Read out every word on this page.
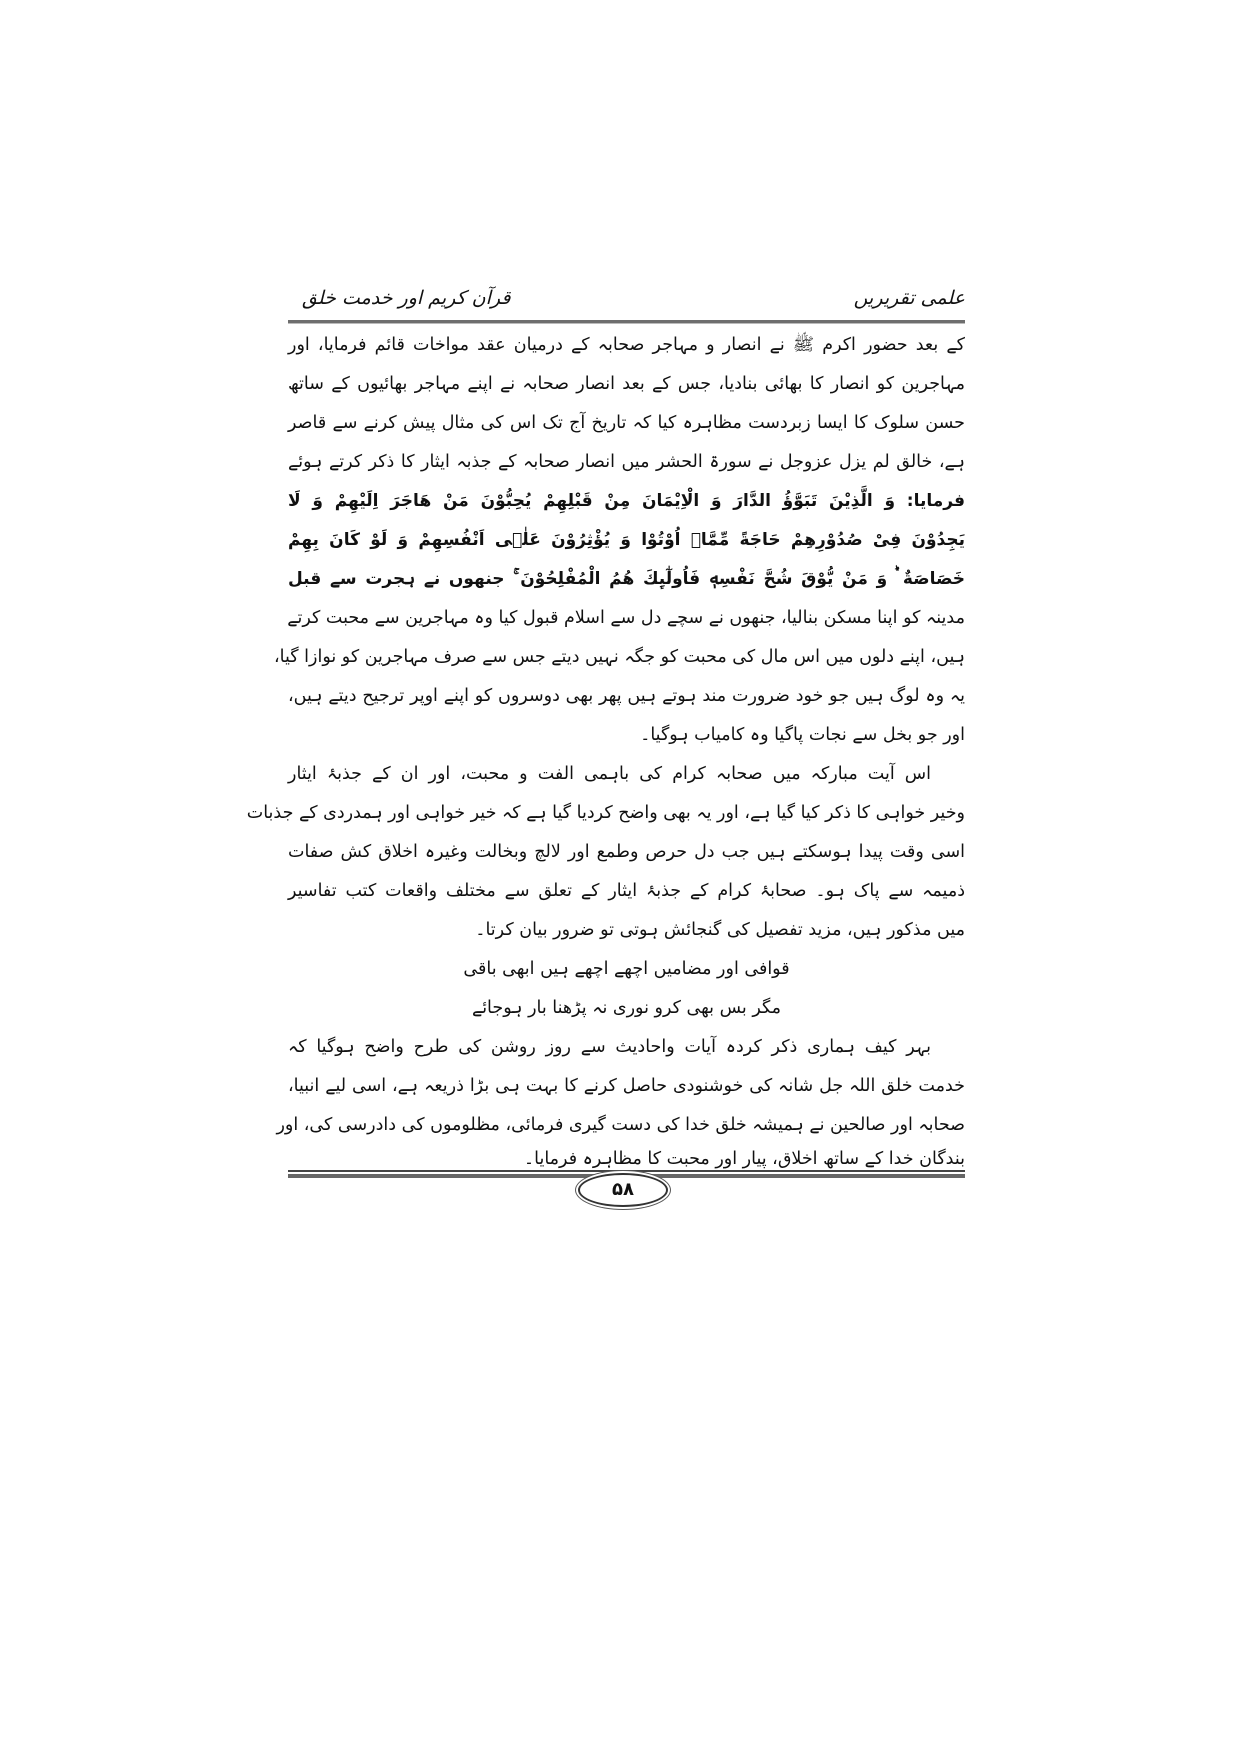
علمی تقریریں
قرآن کریم اور خدمت خلق
کے بعد حضور اکرم ﷺ نے انصار و مہاجر صحابہ کے درمیان عقد مواخات قائم فرمایا، اور
مہاجرین کو انصار کا بھائی بنادیا، جس کے بعد انصار صحابہ نے اپنے مہاجر بھائیوں کے ساتھ
حسن سلوک کا ایسا زبردست مظاہرہ کیا کہ تاریخ آج تک اس کی مثال پیش کرنے سے قاصر
ہے، خالق لم یزل عزوجل نے سورۃ الحشر میں انصار صحابہ کے جذبہ ایثار کا ذکر کرتے ہوئے
فرمایا: وَ الَّذِیْنَ تَبَوَّؤُ الدَّارَ وَ الْاِیْمَانَ مِنْ قَبْلِهِمْ یُحِبُّوْنَ مَنْ هَاجَرَ اِلَیْهِمْ وَ لَا
یَجِدُوْنَ فِیْ صُدُوْرِهِمْ حَاجَةً مِّمَّاۤ اُوْتُوْا وَ یُؤْثِرُوْنَ عَلٰۤی اَنْفُسِهِمْ وَ لَوْ كَانَ بِهِمْ
خَصَاصَةٌ ۛؕ وَ مَنْ یُّوْقَ شُحَّ نَفْسِهٖ فَاُولٰٓىِٕكَ هُمُ الْمُفْلِحُوْنَ ۚ جنھوں نے ہجرت سے قبل
مدینہ کو اپنا مسکن بنالیا، جنھوں نے سچے دل سے اسلام قبول کیا وہ مہاجرین سے محبت کرتے
ہیں، اپنے دلوں میں اس مال کی محبت کو جگہ نہیں دیتے جس سے صرف مہاجرین کو نوازا گیا،
یہ وہ لوگ ہیں جو خود ضرورت مند ہوتے ہیں پھر بھی دوسروں کو اپنے اوپر ترجیح دیتے ہیں،
اور جو بخل سے نجات پاگیا وہ کامیاب ہوگیا۔
اس آیت مبارکہ میں صحابہ کرام کی باہمی الفت و محبت، اور ان کے جذبۂ ایثار
وخیر خواہی کا ذکر کیا گیا ہے، اور یہ بھی واضح کردیا گیا ہے کہ خیر خواہی اور ہمدردی کے جذبات
اسی وقت پیدا ہوسکتے ہیں جب دل حرص وطمع اور لالچ وبخالت وغیرہ اخلاق کش صفات
ذمیمہ سے پاک ہو۔ صحابۂ کرام کے جذبۂ ایثار کے تعلق سے مختلف واقعات کتب تفاسیر
میں مذکور ہیں، مزید تفصیل کی گنجائش ہوتی تو ضرور بیان کرتا۔
قوافی اور مضامیں اچھے اچھے ہیں ابھی باقی
مگر بس بھی کرو نوری نہ پڑھنا بار ہوجائے
بہر کیف ہماری ذکر کردہ آیات واحادیث سے روز روشن کی طرح واضح ہوگیا کہ
خدمت خلق اللہ جل شانہ کی خوشنودی حاصل کرنے کا بہت ہی بڑا ذریعہ ہے، اسی لیے انبیا،
صحابہ اور صالحین نے ہمیشہ خلق خدا کی دست گیری فرمائی، مظلوموں کی دادرسی کی، اور
بندگان خدا کے ساتھ اخلاق، پیار اور محبت کا مظاہرہ فرمایا۔
۵۸
